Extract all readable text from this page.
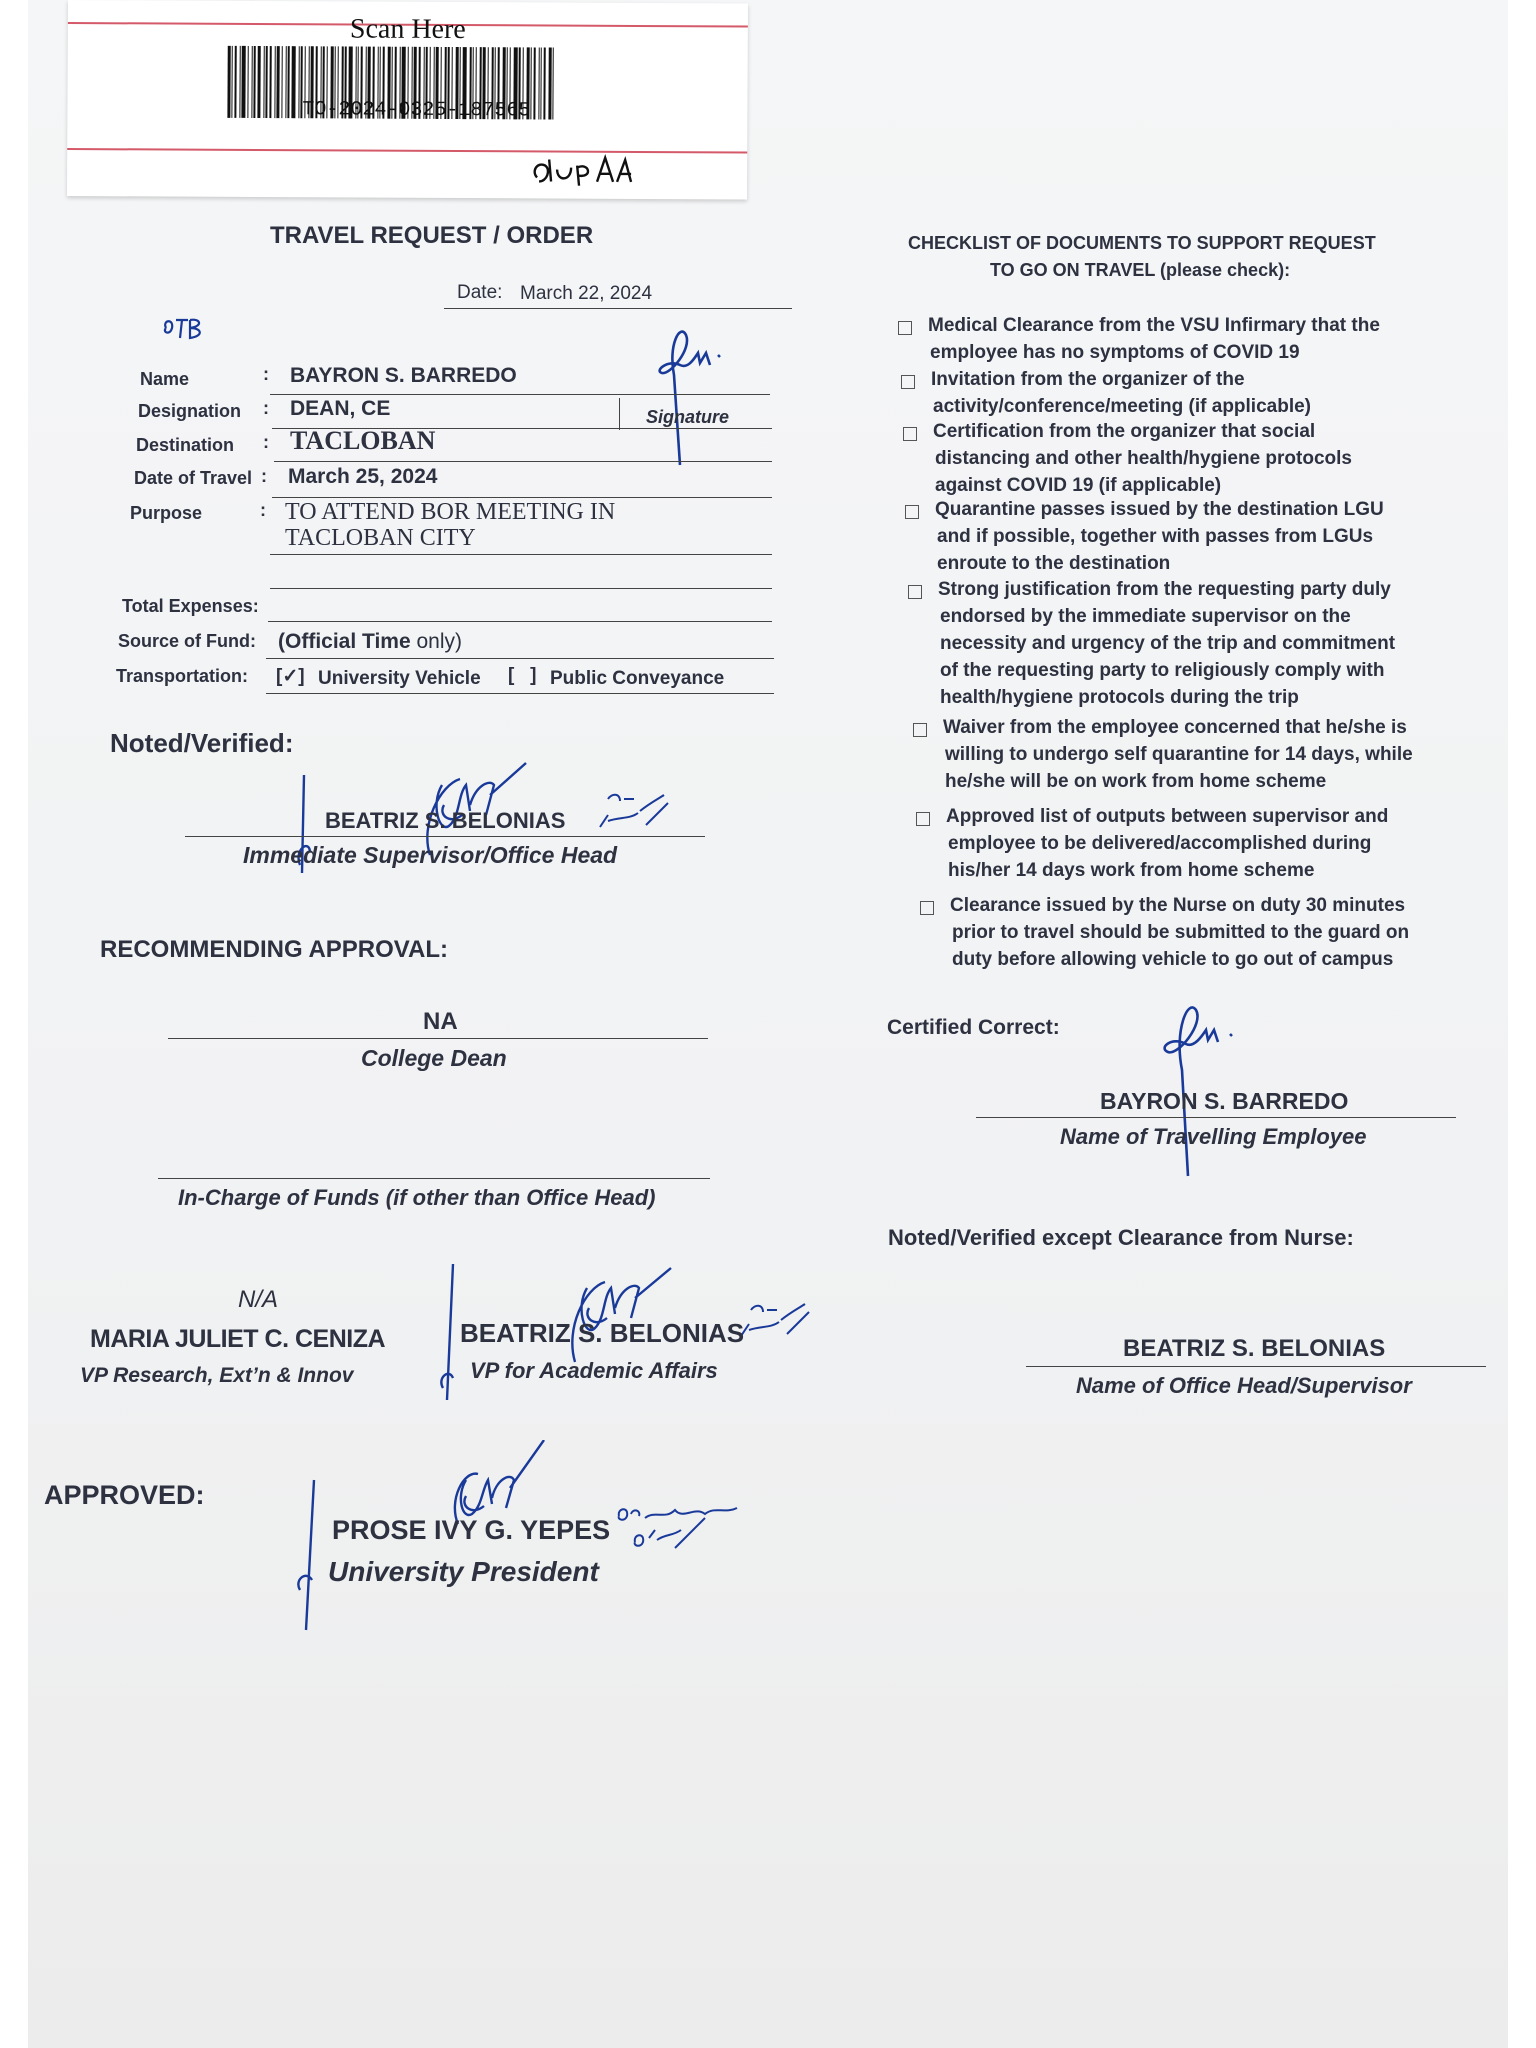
Scan Here
TO-2024-0325-187565
TRAVEL REQUEST / ORDER
Date: March 22, 2024
Name	: BAYRON S. BARREDO
Designation : DEAN, CE	Signature
Destination : TACLOBAN
Date of Travel : March 25, 2024
Purpose	: TO ATTEND BOR MEETING IN
TACLOBAN CITY
Total Expenses:
Source of Fund: (Official Time only)
Transportation: [✓] University Vehicle [   ] Public Conveyance
Noted/Verified:
BEATRIZ S. BELONIAS
Immediate Supervisor/Office Head
RECOMMENDING APPROVAL:
NA
College Dean
In-Charge of Funds (if other than Office Head)
N/A
MARIA JULIET C. CENIZA
VP Research, Ext’n & Innov
BEATRIZ S. BELONIAS
VP for Academic Affairs
APPROVED:
PROSE IVY G. YEPES
University President
CHECKLIST OF DOCUMENTS TO SUPPORT REQUEST
TO GO ON TRAVEL (please check):
Medical Clearance from the VSU Infirmary that the
employee has no symptoms of COVID 19
Invitation from the organizer of the
activity/conference/meeting (if applicable)
Certification from the organizer that social
distancing and other health/hygiene protocols
against COVID 19 (if applicable)
Quarantine passes issued by the destination LGU
and if possible, together with passes from LGUs
enroute to the destination
Strong justification from the requesting party duly
endorsed by the immediate supervisor on the
necessity and urgency of the trip and commitment
of the requesting party to religiously comply with
health/hygiene protocols during the trip
Waiver from the employee concerned that he/she is
willing to undergo self quarantine for 14 days, while
he/she will be on work from home scheme
Approved list of outputs between supervisor and
employee to be delivered/accomplished during
his/her 14 days work from home scheme
Clearance issued by the Nurse on duty 30 minutes
prior to travel should be submitted to the guard on
duty before allowing vehicle to go out of campus
Certified Correct:
BAYRON S. BARREDO
Name of Travelling Employee
Noted/Verified except Clearance from Nurse:
BEATRIZ S. BELONIAS
Name of Office Head/Supervisor
